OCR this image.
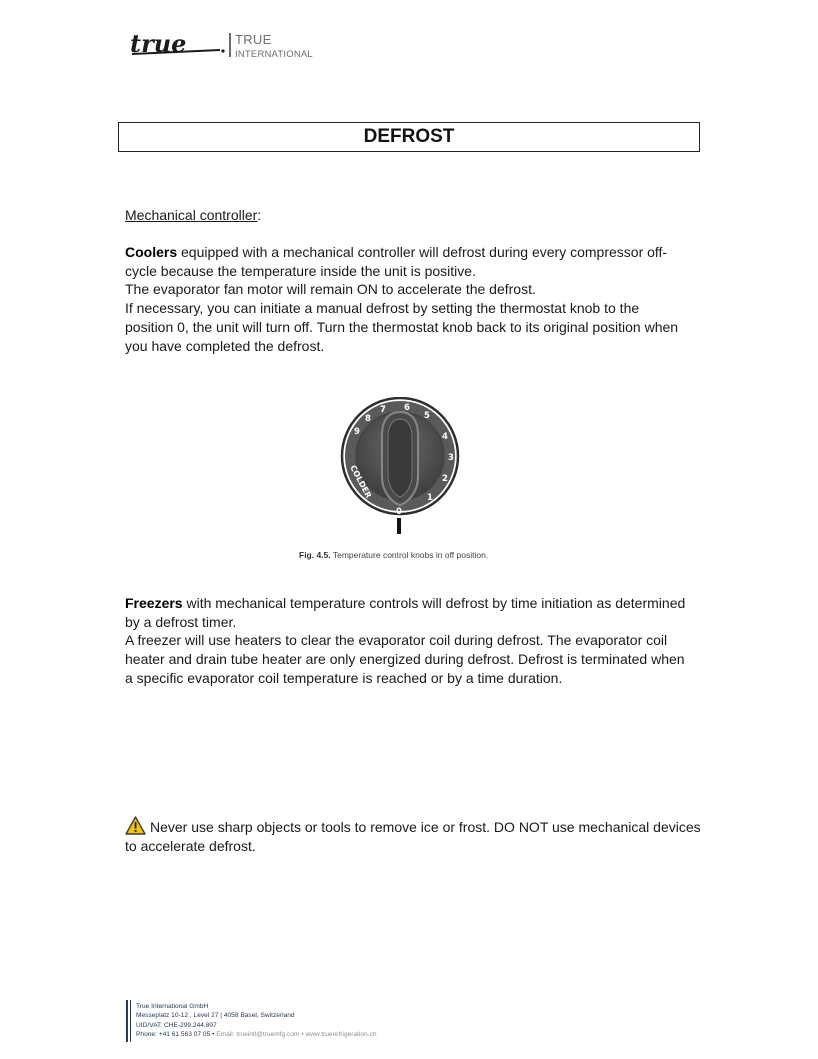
true	TRUE
INTERNATIONAL
DEFROST
Mechanical controller:
Coolers equipped with a mechanical controller will defrost during every compressor off-
cycle because the temperature inside the unit is positive.
The evaporator fan motor will remain ON to accelerate the defrost.
If necessary, you can initiate a manual defrost by setting the thermostat knob to the
position 0, the unit will turn off. Turn the thermostat knob back to its original position when
you have completed the defrost.
0
1
2
3
4
5
6
7
8
9
COLDER
Fig. 4.5. Temperature control knobs in off position.
Freezers with mechanical temperature controls will defrost by time initiation as determined
by a defrost timer.
A freezer will use heaters to clear the evaporator coil during defrost. The evaporator coil
heater and drain tube heater are only energized during defrost. Defrost is terminated when
a specific evaporator coil temperature is reached or by a time duration.
Never use sharp objects or tools to remove ice or frost. DO NOT use mechanical devices
to accelerate defrost.
True International GmbH
Messeplatz 10-12 , Level 27 | 4058 Basel, Switzerland
UID/VAT: CHE-299.244.807
Phone: +41 61 563 07 05 • Email: trueintl@truemfg.com • www.truerefrigeration.ch
